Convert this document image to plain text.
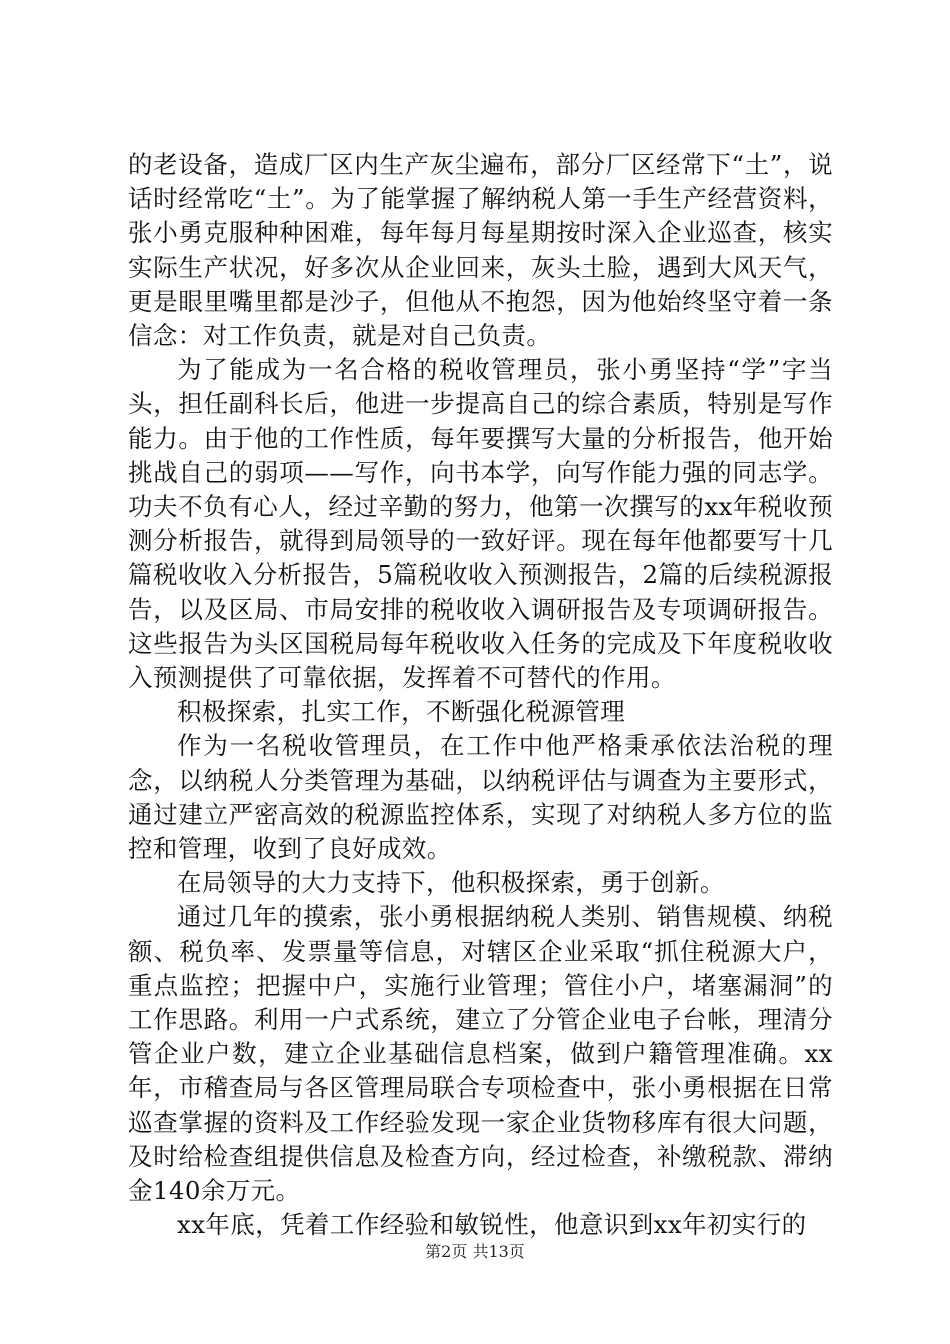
的老设备，造成厂区内生产灰尘遍布，部分厂区经常下“土”，说话时经常吃“土”。为了能掌握了解纳税人第一手生产经营资料，张小勇克服种种困难，每年每月每星期按时深入企业巡查，核实实际生产状况，好多次从企业回来，灰头土脸，遇到大风天气，更是眼里嘴里都是沙子，但他从不抱怨，因为他始终坚守着一条信念：对工作负责，就是对自己负责。

为了能成为一名合格的税收管理员，张小勇坚持“学”字当头，担任副科长后，他进一步提高自己的综合素质，特别是写作能力。由于他的工作性质，每年要撰写大量的分析报告，他开始挑战自己的弱项——写作，向书本学，向写作能力强的同志学。功夫不负有心人，经过辛勤的努力，他第一次撰写的xx年税收预测分析报告，就得到局领导的一致好评。现在每年他都要写十几篇税收收入分析报告，5篇税收收入预测报告，2篇的后续税源报告，以及区局、市局安排的税收收入调研报告及专项调研报告。这些报告为头区国税局每年税收收入任务的完成及下年度税收收入预测提供了可靠依据，发挥着不可替代的作用。

积极探索，扎实工作，不断强化税源管理

作为一名税收管理员，在工作中他严格秉承依法治税的理念，以纳税人分类管理为基础，以纳税评估与调查为主要形式，通过建立严密高效的税源监控体系，实现了对纳税人多方位的监控和管理，收到了良好成效。

在局领导的大力支持下，他积极探索，勇于创新。

通过几年的摸索，张小勇根据纳税人类别、销售规模、纳税额、税负率、发票量等信息，对辖区企业采取“抓住税源大户，重点监控；把握中户，实施行业管理；管住小户，堵塞漏洞”的工作思路。利用一户式系统，建立了分管企业电子台帐，理清分管企业户数，建立企业基础信息档案，做到户籍管理准确。xx年，市稽查局与各区管理局联合专项检查中，张小勇根据在日常巡查掌握的资料及工作经验发现一家企业货物移库有很大问题，及时给检查组提供信息及检查方向，经过检查，补缴税款、滞纳金140余万元。

xx年底，凭着工作经验和敏锐性，他意识到xx年初实行的

第2页 共13页
